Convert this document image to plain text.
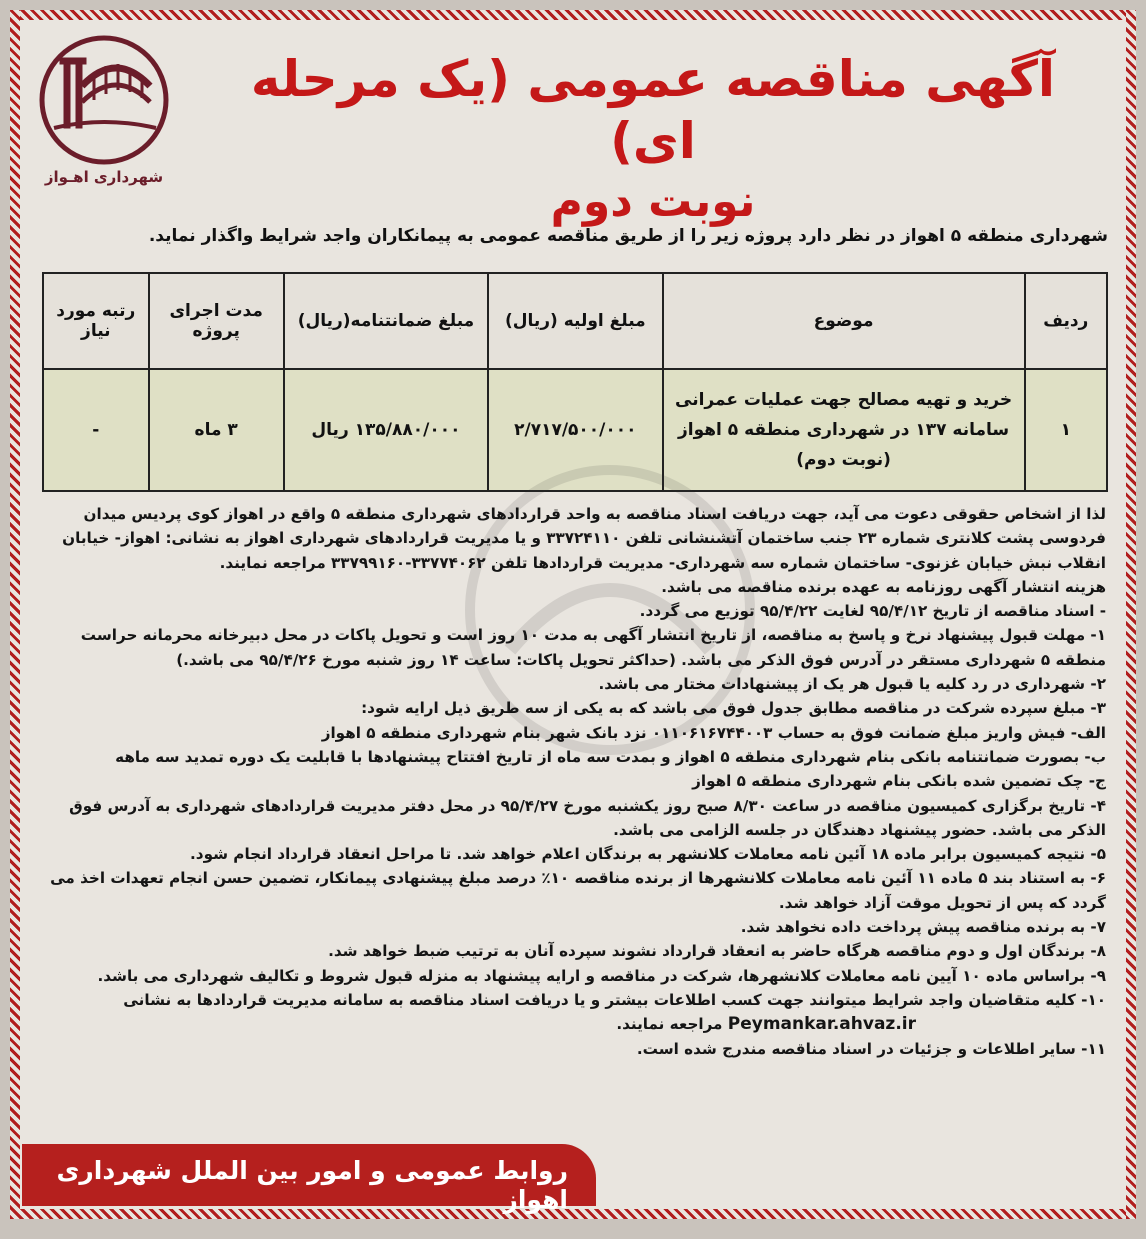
شهرداری اهـواز
آگهی مناقصه عمومی (یک مرحله ای)
نوبت دوم
شهرداری منطقه ۵ اهواز در نظر دارد پروژه زیر را از طریق مناقصه عمومی به پیمانکاران واجد شرایط واگذار نماید.
ردیف	موضوع	مبلغ اولیه (ریال)	مبلغ ضمانتنامه(ریال)	مدت اجرای پروژه	رتبه مورد نیاز
۱	خرید و تهیه مصالح جهت عملیات عمرانی سامانه ۱۳۷ در شهرداری منطقه ۵ اهواز (نوبت دوم)	۲/۷۱۷/۵۰۰/۰۰۰	۱۳۵/۸۸۰/۰۰۰ ریال	۳ ماه	-

لذا از اشخاص حقوقی دعوت می آید، جهت دریافت اسناد مناقصه به واحد قراردادهای شهرداری منطقه ۵ واقع در اهواز کوی پردیس میدان فردوسی پشت کلانتری شماره ۲۳ جنب ساختمان آتشنشانی تلفن ۳۳۷۲۴۱۱۰ و یا مدیریت قراردادهای شهرداری اهواز به نشانی: اهواز- خیابان انقلاب نبش خیابان غزنوی- ساختمان شماره سه شهرداری- مدیریت قراردادها تلفن ۳۳۷۷۴۰۶۲-۳۳۷۹۹۱۶۰ مراجعه نمایند.

هزینه انتشار آگهی روزنامه به عهده برنده مناقصه می باشد.

- اسناد مناقصه از تاریخ ۹۵/۴/۱۲ لغایت ۹۵/۴/۲۲ توزیع می گردد.

۱- مهلت قبول پیشنهاد نرخ و پاسخ به مناقصه، از تاریخ انتشار آگهی به مدت ۱۰ روز است و تحویل پاکات در محل دبیرخانه محرمانه حراست منطقه ۵ شهرداری مستقر در آدرس فوق الذکر می باشد. (حداکثر تحویل پاکات: ساعت ۱۴ روز شنبه مورخ ۹۵/۴/۲۶ می باشد.)

۲- شهرداری در رد کلیه یا قبول هر یک از پیشنهادات مختار می باشد.

۳- مبلغ سپرده شرکت در مناقصه مطابق جدول فوق می باشد که به یکی از سه طریق ذیل ارایه شود:

الف- فیش واریز مبلغ ضمانت فوق به حساب ۰۱۱۰۶۱۶۷۴۴۰۰۳ نزد بانک شهر بنام شهرداری منطقه ۵ اهواز

ب- بصورت ضمانتنامه بانکی بنام شهرداری منطقه ۵ اهواز و بمدت سه ماه از تاریخ افتتاح پیشنهادها با قابلیت یک دوره تمدید سه ماهه

ج- چک تضمین شده بانکی بنام شهرداری منطقه ۵ اهواز

۴- تاریخ برگزاری کمیسیون مناقصه در ساعت ۸/۳۰ صبح روز یکشنبه مورخ ۹۵/۴/۲۷ در محل دفتر مدیریت قراردادهای شهرداری به آدرس فوق الذکر می باشد. حضور پیشنهاد دهندگان در جلسه الزامی می باشد.

۵- نتیجه کمیسیون برابر ماده ۱۸ آئین نامه معاملات کلانشهر به برندگان اعلام خواهد شد. تا مراحل انعقاد قرارداد انجام شود.

۶- به استناد بند ۵ ماده ۱۱ آئین نامه معاملات کلانشهرها از برنده مناقصه ۱۰٪ درصد مبلغ پیشنهادی پیمانکار، تضمین حسن انجام تعهدات اخذ می گردد که پس از تحویل موقت آزاد خواهد شد.

۷- به برنده مناقصه پیش پرداخت داده نخواهد شد.

۸- برندگان اول و دوم مناقصه هرگاه حاضر به انعقاد قرارداد نشوند سپرده آنان به ترتیب ضبط خواهد شد.

۹- براساس ماده ۱۰ آیین نامه معاملات کلانشهرها، شرکت در مناقصه و ارایه پیشنهاد به منزله قبول شروط و تکالیف شهرداری می باشد.

۱۰- کلیه متقاضیان واجد شرایط میتوانند جهت کسب اطلاعات بیشتر و یا دریافت اسناد مناقصه به سامانه مدیریت قراردادها به نشانی

Peymankar.ahvaz.ir مراجعه نمایند.

۱۱- سایر اطلاعات و جزئیات در اسناد مناقصه مندرج شده است.

روابط عمومی و امور بین الملل شهرداری اهواز
